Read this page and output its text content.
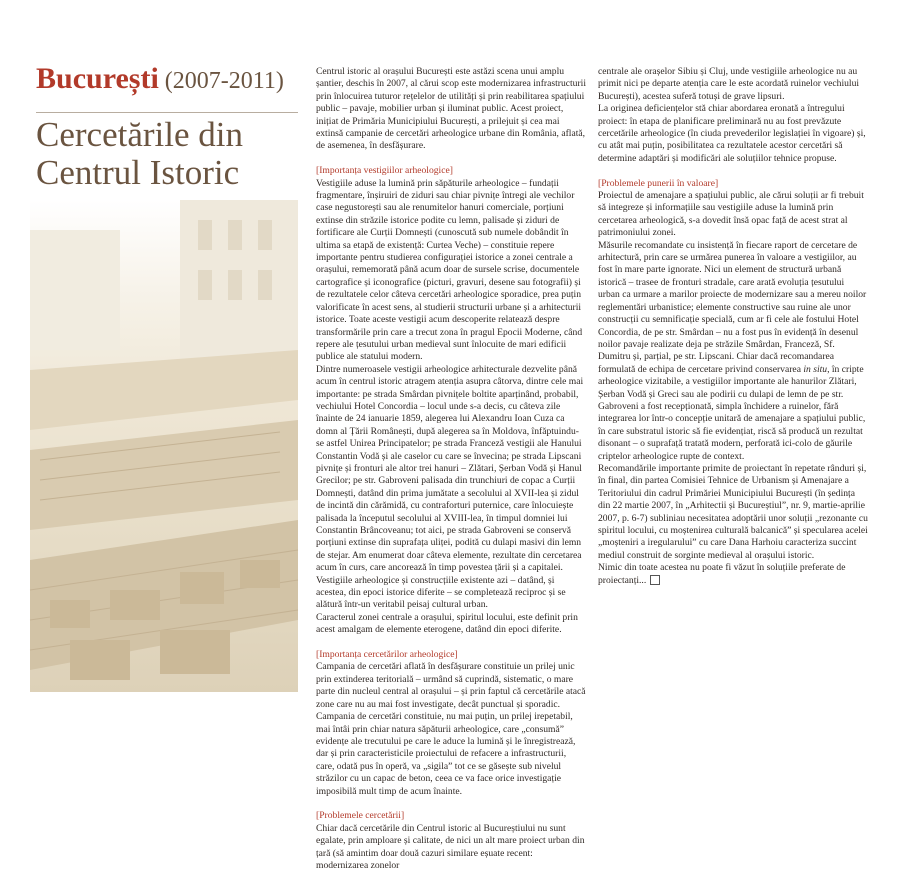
București (2007-2011)
Cercetările din Centrul Istoric

Centrul istoric al orașului București este astăzi scena unui amplu șantier, deschis în 2007, al cărui scop este modernizarea infrastructurii prin înlocuirea tuturor rețelelor de utilități și prin reabilitarea spațiului public – pavaje, mobilier urban și iluminat public. Acest proiect, inițiat de Primăria Municipiului București, a prilejuit și cea mai extinsă campanie de cercetări arheologice urbane din România, aflată, de asemenea, în desfășurare.

[Importanța vestigiilor arheologice]

Vestigiile aduse la lumină prin săpăturile arheologice – fundații fragmentare, înșiruiri de ziduri sau chiar pivnițe întregi ale vechilor case negustorești sau ale renumitelor hanuri comerciale, porțiuni extinse din străzile istorice podite cu lemn, palisade și ziduri de fortificare ale Curții Domnești (cunoscută sub numele dobândit în ultima sa etapă de existență: Curtea Veche) – constituie repere importante pentru studierea configurației istorice a zonei centrale a orașului, rememorată până acum doar de sursele scrise, documentele cartografice și iconografice (picturi, gravuri, desene sau fotografii) și de rezultatele celor câteva cercetări arheologice sporadice, prea puțin valorificate în acest sens, al studierii structurii urbane și a arhitecturii istorice. Toate aceste vestigii acum descoperite relatează despre transformările prin care a trecut zona în pragul Epocii Moderne, când repere ale țesutului urban medieval sunt înlocuite de mari edificii publice ale statului modern.

Dintre numeroasele vestigii arheologice arhitecturale dezvelite până acum în centrul istoric atragem atenția asupra câtorva, dintre cele mai importante: pe strada Smârdan pivnițele boltite aparținând, probabil, vechiului Hotel Concordia – locul unde s-a decis, cu câteva zile înainte de 24 ianuarie 1859, alegerea lui Alexandru Ioan Cuza ca domn al Țării Românești, după alegerea sa în Moldova, înfăptuindu-se astfel Unirea Principatelor; pe strada Franceză vestigii ale Hanului Constantin Vodă și ale caselor cu care se învecina; pe strada Lipscani pivnițe și fronturi ale altor trei hanuri – Zlătari, Șerban Vodă și Hanul Grecilor; pe str. Gabroveni palisada din trunchiuri de copac a Curții Domnești, datând din prima jumătate a secolului al XVII-lea și zidul de incintă din cărămidă, cu contraforturi puternice, care înlocuiește palisada la începutul secolului al XVIII-lea, în timpul domniei lui Constantin Brâncoveanu; tot aici, pe strada Gabroveni se conservă porțiuni extinse din suprafața uliței, podită cu dulapi masivi din lemn de stejar. Am enumerat doar câteva elemente, rezultate din cercetarea acum în curs, care ancorează în timp povestea țării și a capitalei. Vestigiile arheologice și construcțiile existente azi – datând, și acestea, din epoci istorice diferite – se completează reciproc și se alătură într-un veritabil peisaj cultural urban.

Caracterul zonei centrale a orașului, spiritul locului, este definit prin acest amalgam de elemente eterogene, datând din epoci diferite.

[Importanța cercetărilor arheologice]

Campania de cercetări aflată în desfășurare constituie un prilej unic prin extinderea teritorială – urmând să cuprindă, sistematic, o mare parte din nucleul central al orașului – și prin faptul că cercetările atacă zone care nu au mai fost investigate, decât punctual și sporadic. Campania de cercetări constituie, nu mai puțin, un prilej irepetabil, mai întâi prin chiar natura săpăturii arheologice, care „consumă” evidențe ale trecutului pe care le aduce la lumină și le înregistrează, dar și prin caracteristicile proiectului de refacere a infrastructurii, care, odată pus în operă, va „sigila” tot ce se găsește sub nivelul străzilor cu un capac de beton, ceea ce va face orice investigație imposibilă mult timp de acum înainte.

[Problemele cercetării]

Chiar dacă cercetările din Centrul istoric al Bucureștiului nu sunt egalate, prin amploare și calitate, de nici un alt mare proiect urban din țară (să amintim doar două cazuri similare eșuate recent: modernizarea zonelor

centrale ale orașelor Sibiu și Cluj, unde vestigiile arheologice nu au primit nici pe departe atenția care le este acordată ruinelor vechiului București), acestea suferă totuși de grave lipsuri.

La originea deficiențelor stă chiar abordarea eronată a întregului proiect: în etapa de planificare preliminară nu au fost prevăzute cercetările arheologice (în ciuda prevederilor legislației în vigoare) și, cu atât mai puțin, posibilitatea ca rezultatele acestor cercetări să determine adaptări și modificări ale soluțiilor tehnice propuse.

[Problemele punerii în valoare]

Proiectul de amenajare a spațiului public, ale cărui soluții ar fi trebuit să integreze și informațiile sau vestigiile aduse la lumină prin cercetarea arheologică, s-a dovedit însă opac față de acest strat al patrimoniului zonei.

Măsurile recomandate cu insistență în fiecare raport de cercetare de arhitectură, prin care se urmărea punerea în valoare a vestigiilor, au fost în mare parte ignorate. Nici un element de structură urbană istorică – trasee de fronturi stradale, care arată evoluția țesutului urban ca urmare a marilor proiecte de modernizare sau a mereu noilor reglementări urbanistice; elemente constructive sau ruine ale unor construcții cu semnificație specială, cum ar fi cele ale fostului Hotel Concordia, de pe str. Smârdan – nu a fost pus în evidență în desenul noilor pavaje realizate deja pe străzile Smârdan, Franceză, Sf. Dumitru și, parțial, pe str. Lipscani. Chiar dacă recomandarea formulată de echipa de cercetare privind conservarea in situ, în cripte arheologice vizitabile, a vestigiilor importante ale hanurilor Zlătari, Șerban Vodă și Greci sau ale podirii cu dulapi de lemn de pe str. Gabroveni a fost recepționată, simpla închidere a ruinelor, fără integrarea lor într-o concepție unitară de amenajare a spațiului public, în care substratul istoric să fie evidențiat, riscă să producă un rezultat disonant – o suprafață tratată modern, perforată ici-colo de găurile criptelor arheologice rupte de context.

Recomandările importante primite de proiectant în repetate rânduri și, în final, din partea Comisiei Tehnice de Urbanism și Amenajare a Teritoriului din cadrul Primăriei Municipiului București (în ședința din 22 martie 2007, în „Arhitectii și Bucureștiul”, nr. 9, martie-aprilie 2007, p. 6-7) subliniau necesitatea adoptării unor soluții „rezonante cu spiritul locului, cu moștenirea culturală balcanică” și specularea acelei „moșteniri a iregularului” cu care Dana Harhoiu caracteriza succint mediul construit de sorginte medieval al orașului istoric.

Nimic din toate acestea nu poate fi văzut în soluțiile preferate de proiectanți...
